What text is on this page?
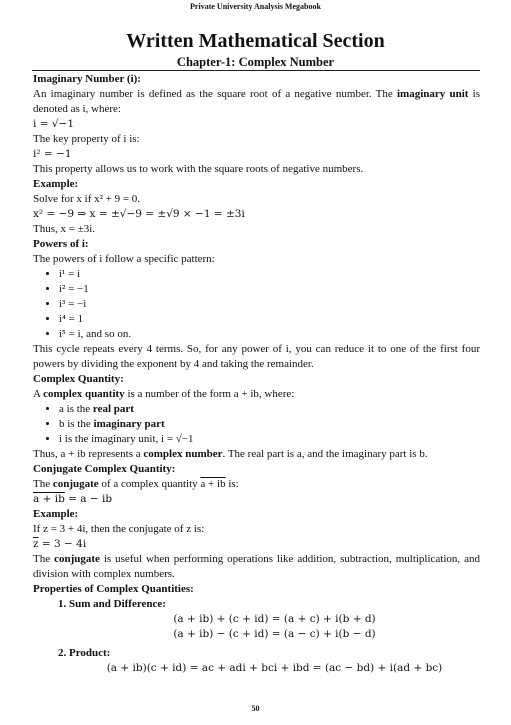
Private University Analysis Megabook
Written Mathematical Section
Chapter-1: Complex Number

Imaginary Number (i):

An imaginary number is defined as the square root of a negative number. The imaginary unit is denoted as i, where:

i = √−1

The key property of i is:

i² = −1

This property allows us to work with the square roots of negative numbers.

Example:

Solve for x if x² + 9 = 0.

x² = −9 ⇒ x = ±√−9 = ±√9 × −1 = ±3i

Thus, x = ±3i.

Powers of i:

The powers of i follow a specific pattern:

• i¹ = i
• i² = −1
• i³ = −i
• i⁴ = 1
• i⁵ = i, and so on.

This cycle repeats every 4 terms. So, for any power of i, you can reduce it to one of the first four powers by dividing the exponent by 4 and taking the remainder.

Complex Quantity:

A complex quantity is a number of the form a + ib, where:

• a is the real part
• b is the imaginary part
• i is the imaginary unit, i = √−1

Thus, a + ib represents a complex number. The real part is a, and the imaginary part is b.

Conjugate Complex Quantity:

The conjugate of a complex quantity a + ib is:

a + ib = a − ib

Example:

If z = 3 + 4i, then the conjugate of z is:

$\overline{z} = 3 - 4i$

The conjugate is useful when performing operations like addition, subtraction, multiplication, and division with complex numbers.

Properties of Complex Quantities:

1. Sum and Difference:
(a + ib) + (c + id) = (a + c) + i(b + d)
(a + ib) − (c + id) = (a − c) + i(b − d)
2. Product:
(a + ib)(c + id) = ac + adi + bci + ibd = (ac − bd) + i(ad + bc)
50
